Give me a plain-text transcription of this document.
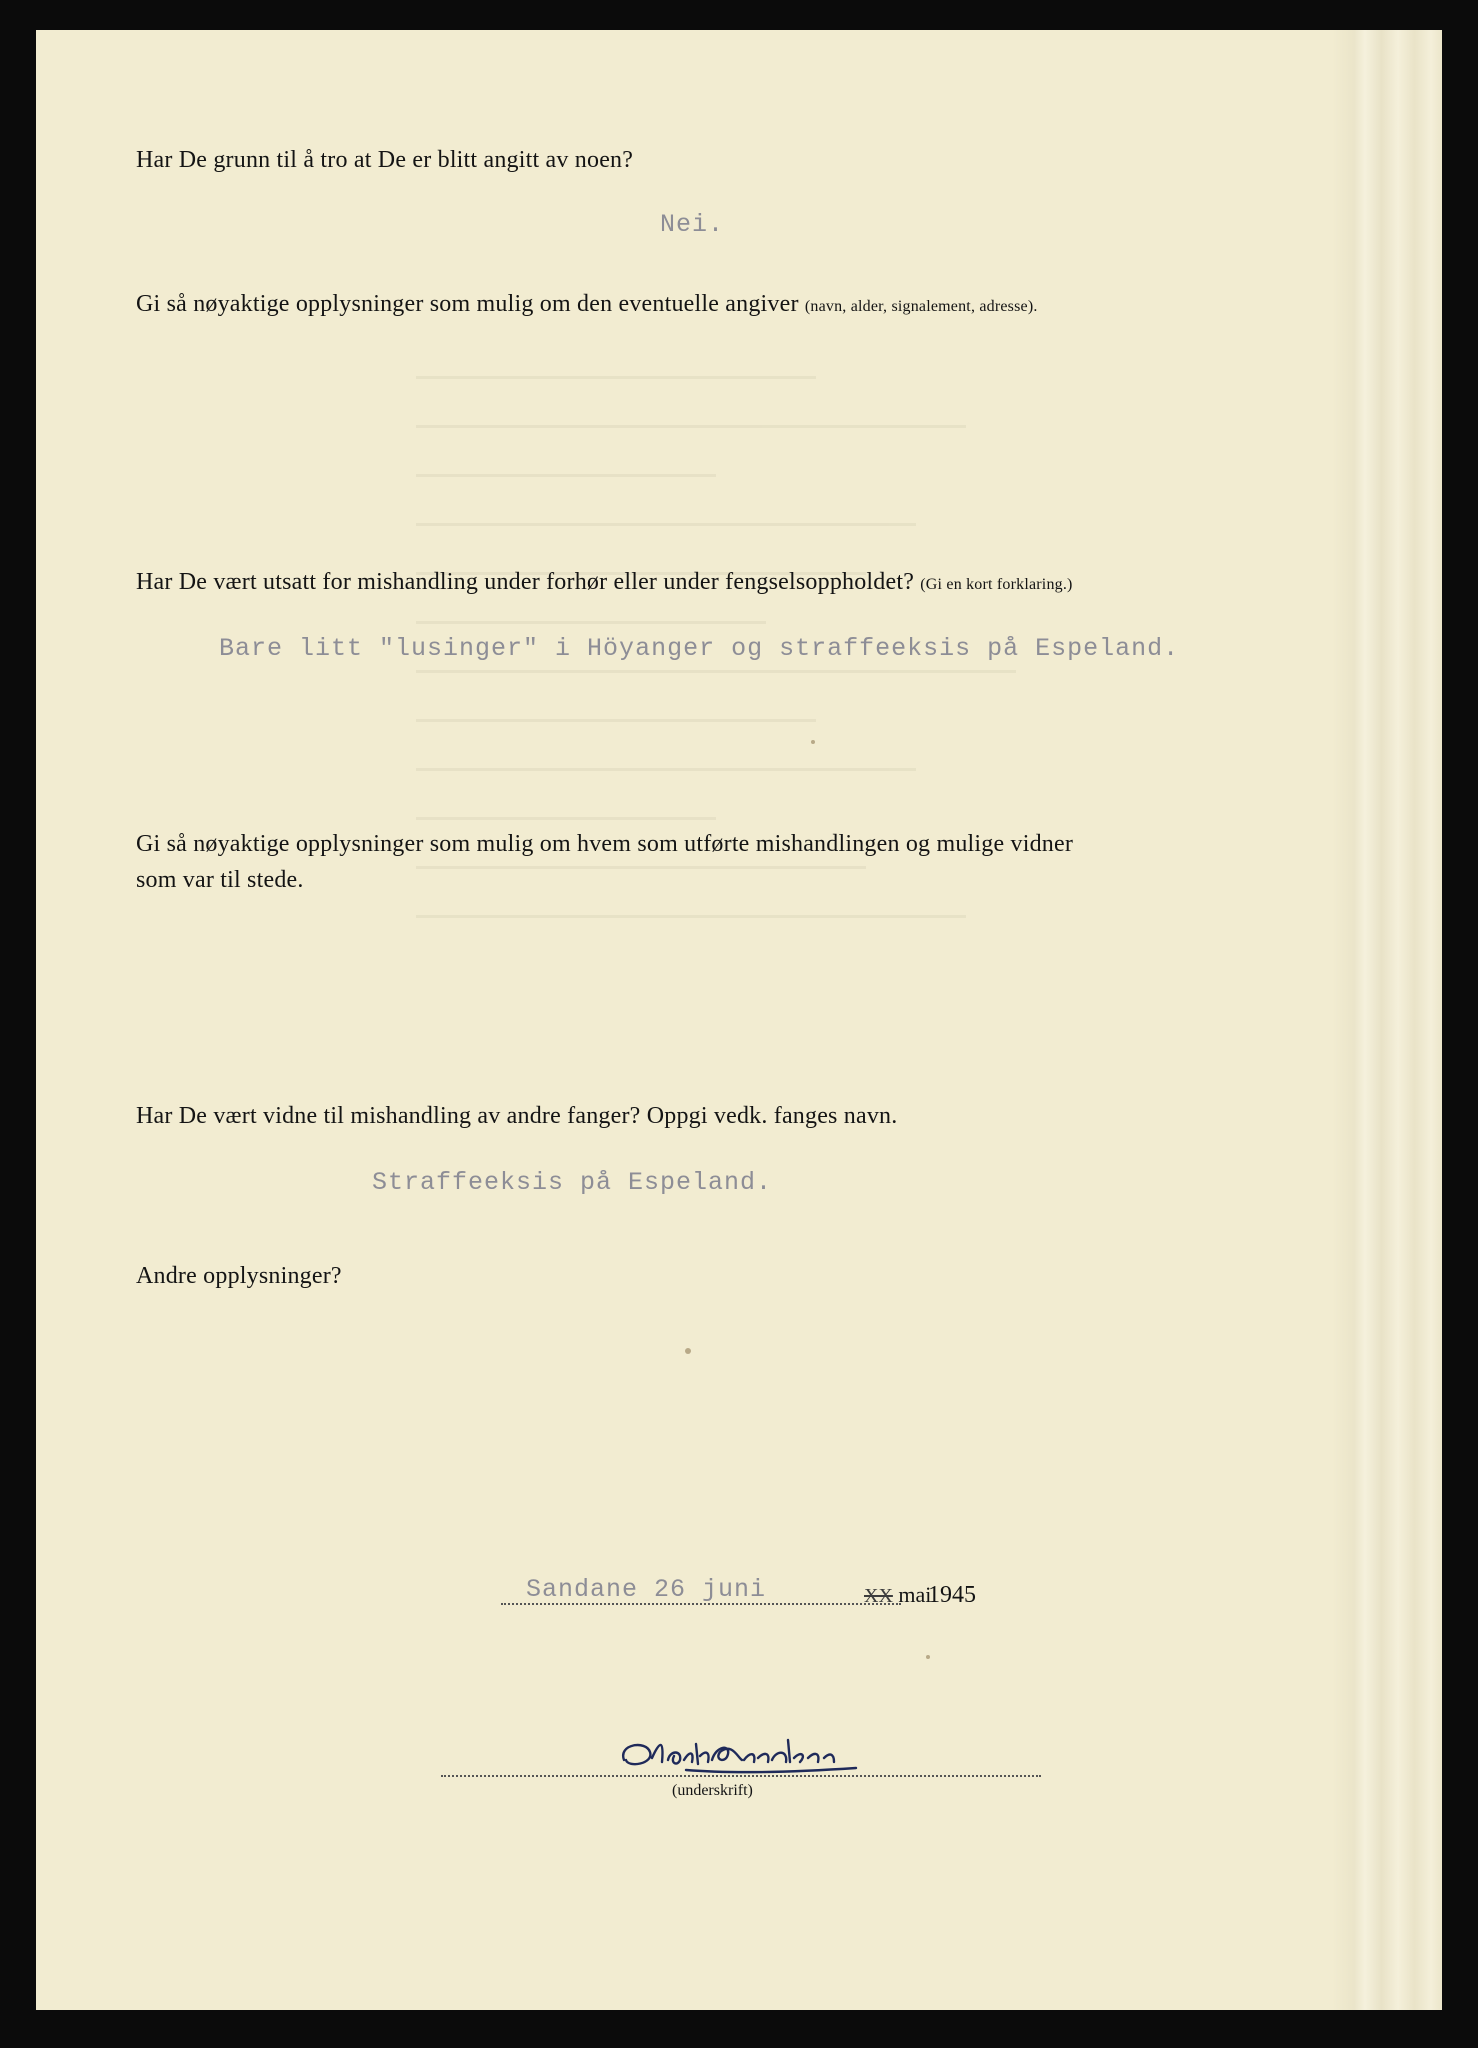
Har De grunn til å tro at De er blitt angitt av noen?
Nei.
Gi så nøyaktige opplysninger som mulig om den eventuelle angiver (navn, alder, signalement, adresse).
Har De vært utsatt for mishandling under forhør eller under fengselsoppholdet? (Gi en kort forklaring.)
Bare litt "lusinger" i Höyanger og straffeeksis på Espeland.
Gi så nøyaktige opplysninger som mulig om hvem som utførte mishandlingen og mulige vidner
som var til stede.
Har De vært vidne til mishandling av andre fanger? Oppgi vedk. fanges navn.
Straffeeksis på Espeland.
Andre opplysninger?
Sandane 26 juni	XX mai
1945
(underskrift)
